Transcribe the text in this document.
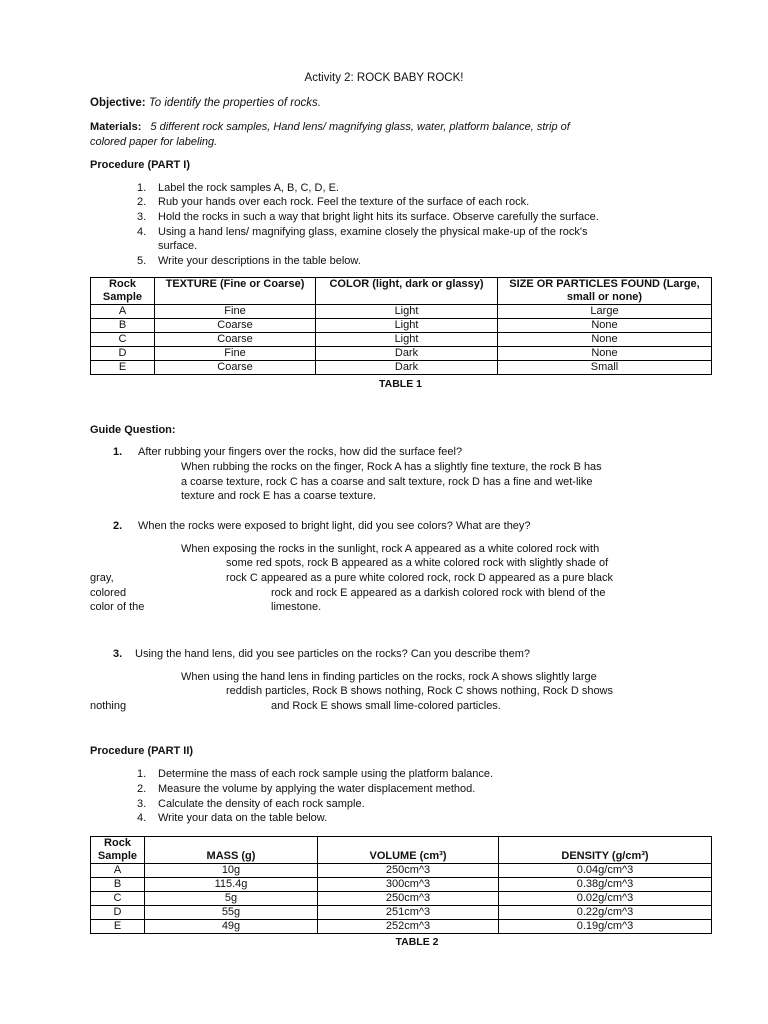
Activity 2: ROCK BABY ROCK!
Objective: To identify the properties of rocks.
Materials: 5 different rock samples, Hand lens/ magnifying glass, water, platform balance, strip of
colored paper for labeling.
Procedure (PART I)
1. Label the rock samples A, B, C, D, E.
2. Rub your hands over each rock. Feel the texture of the surface of each rock.
3. Hold the rocks in such a way that bright light hits its surface. Observe carefully the surface.
4. Using a hand lens/ magnifying glass, examine closely the physical make-up of the rock's
surface.
5. Write your descriptions in the table below.
Rock Sample	TEXTURE (Fine or Coarse)	COLOR (light, dark or glassy)	SIZE OR PARTICLES FOUND (Large, small or none)
A	Fine	Light	Large
B	Coarse	Light	None
C	Coarse	Light	None
D	Fine	Dark	None
E	Coarse	Dark	Small
TABLE 1
Guide Question:
1. After rubbing your fingers over the rocks, how did the surface feel?
When rubbing the rocks on the finger, Rock A has a slightly fine texture, the rock B has
a coarse texture, rock C has a coarse and salt texture, rock D has a fine and wet-like
texture and rock E has a coarse texture.
2. When the rocks were exposed to bright light, did you see colors? What are they?
When exposing the rocks in the sunlight, rock A appeared as a white colored rock with
some red spots, rock B appeared as a white colored rock with slightly shade of
gray,	rock C appeared as a pure white colored rock, rock D appeared as a pure black
colored	rock and rock E appeared as a darkish colored rock with blend of the
color of the	limestone.
3. Using the hand lens, did you see particles on the rocks? Can you describe them?
When using the hand lens in finding particles on the rocks, rock A shows slightly large
reddish particles, Rock B shows nothing, Rock C shows nothing, Rock D shows
nothing	and Rock E shows small lime-colored particles.
Procedure (PART II)
1. Determine the mass of each rock sample using the platform balance.
2. Measure the volume by applying the water displacement method.
3. Calculate the density of each rock sample.
4. Write your data on the table below.
Rock Sample	MASS (g)	VOLUME (cm³)	DENSITY (g/cm³)
A	10g	250cm^3	0.04g/cm^3
B	115.4g	300cm^3	0.38g/cm^3
C	5g	250cm^3	0.02g/cm^3
D	55g	251cm^3	0.22g/cm^3
E	49g	252cm^3	0.19g/cm^3
TABLE 2
